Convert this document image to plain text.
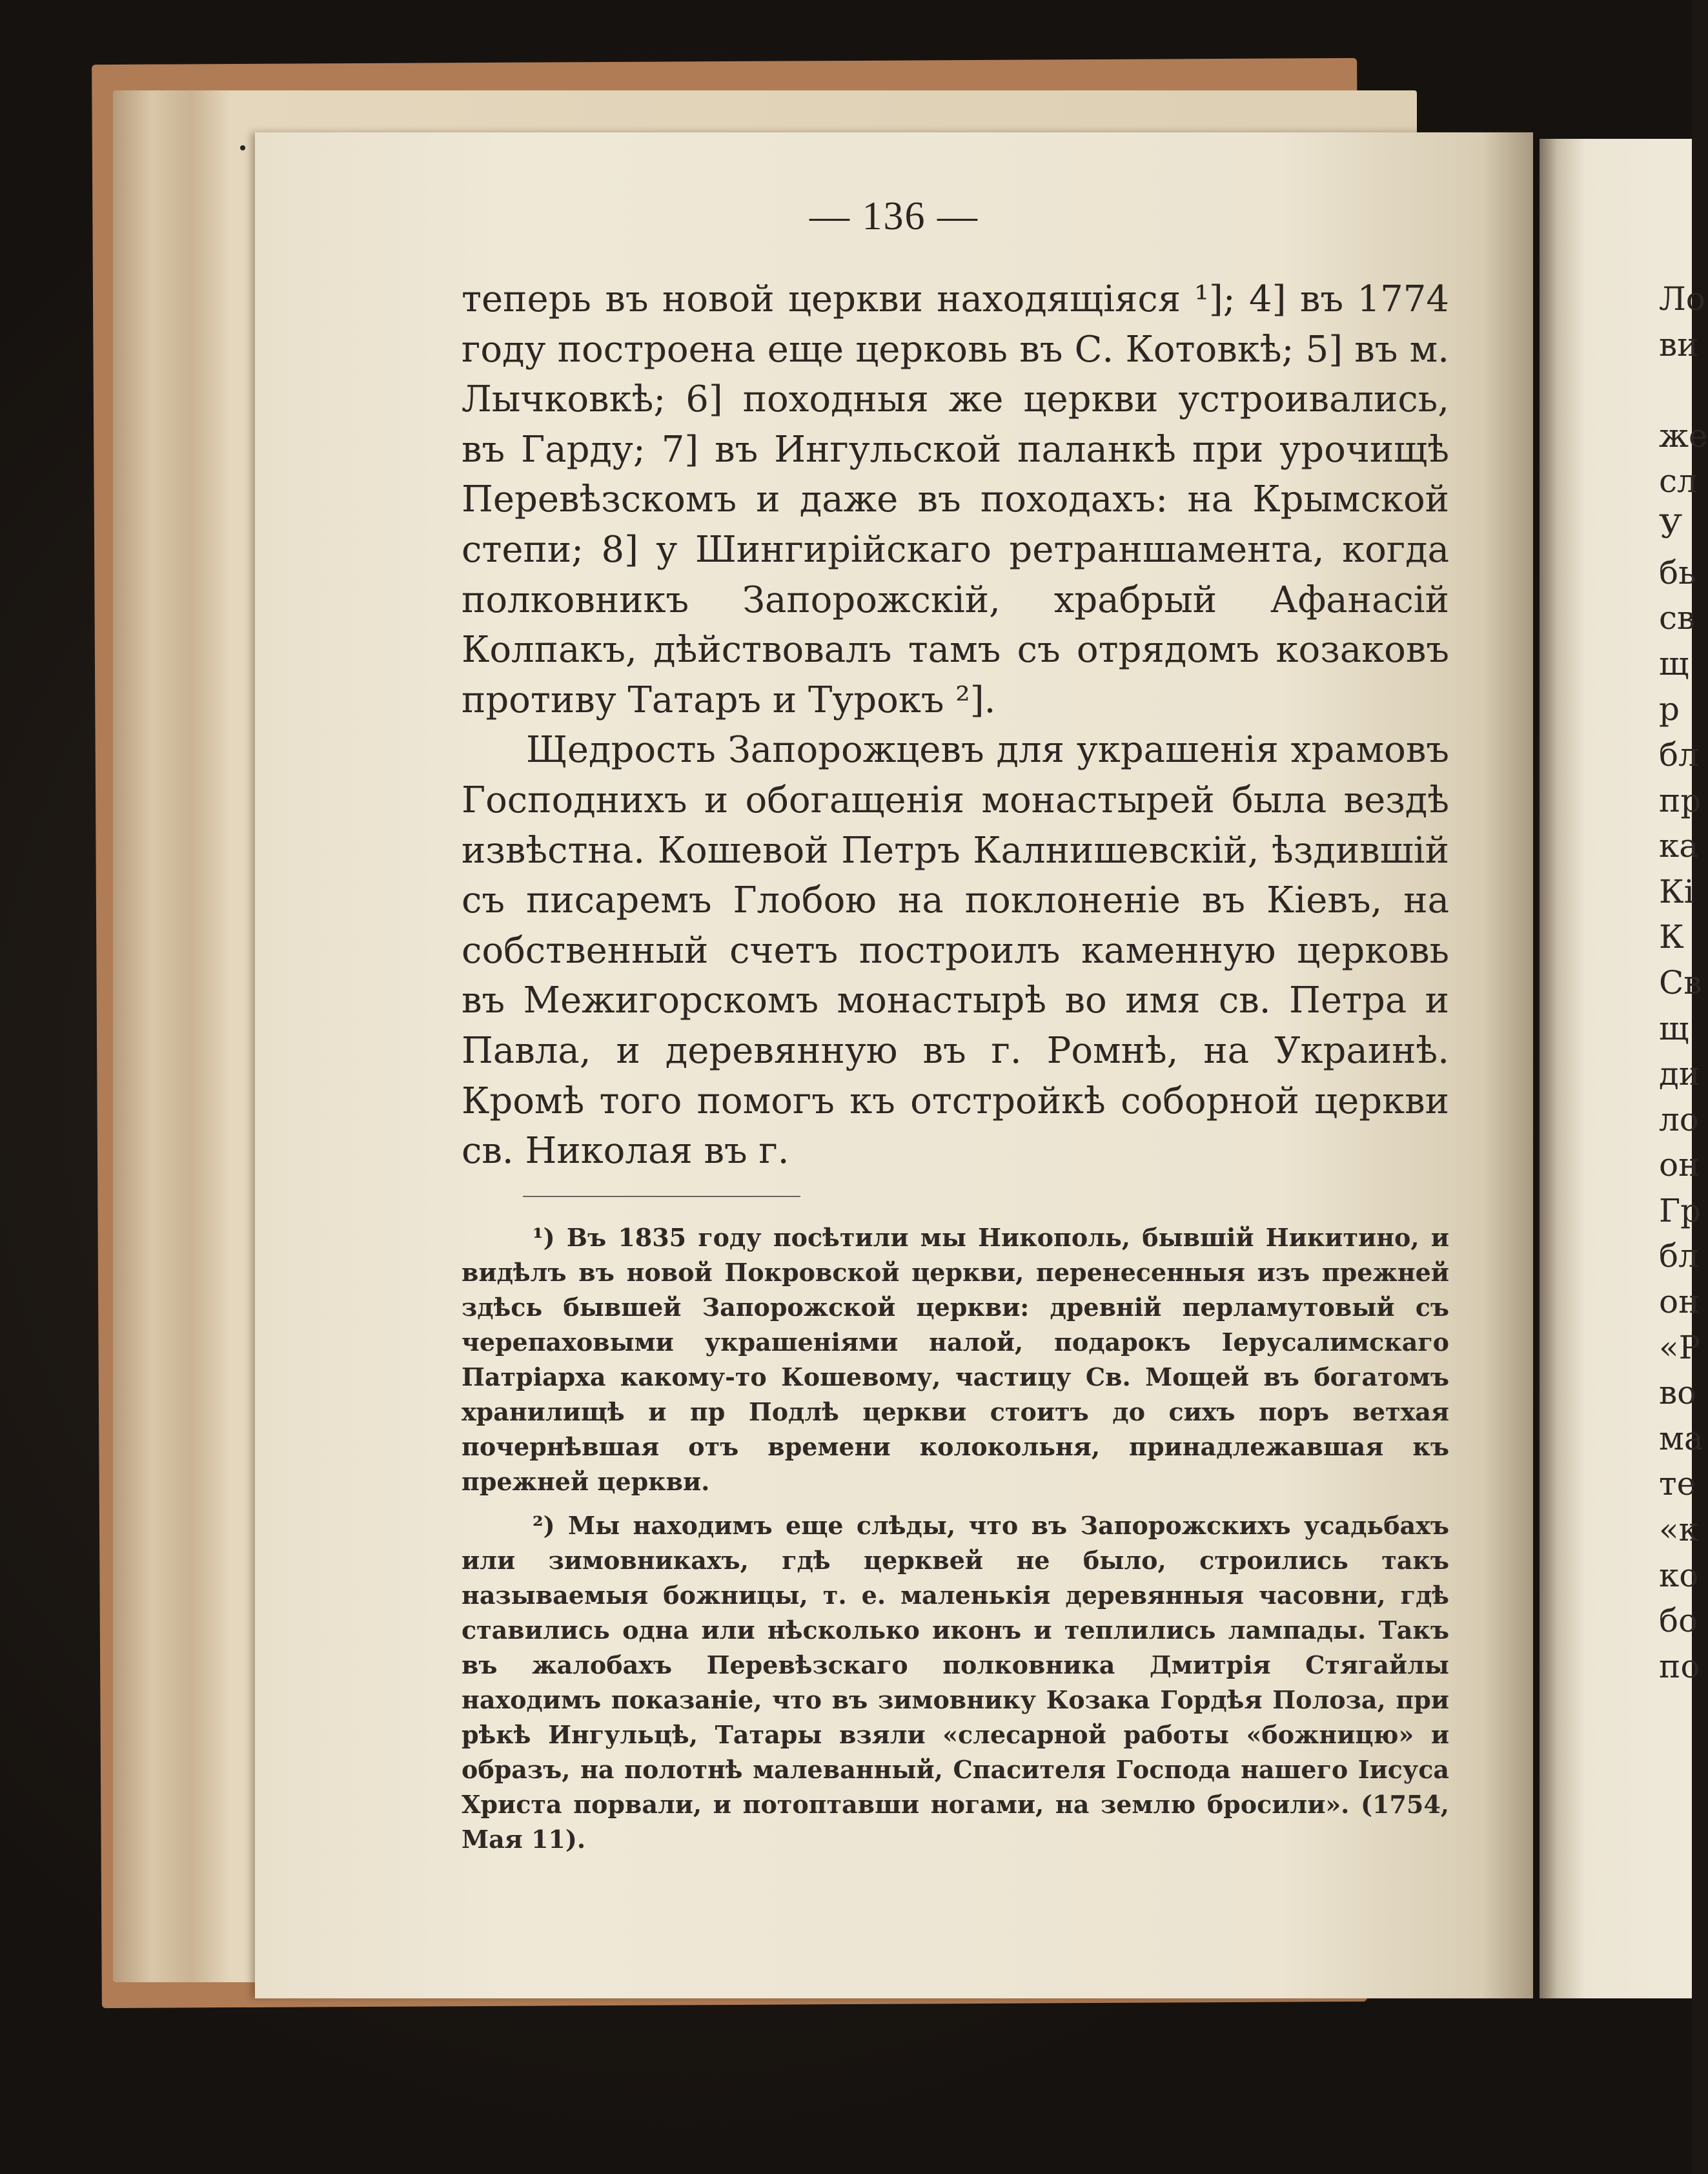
— 136 —

теперь въ новой церкви находящіяся ¹]; 4] въ 1774 году построена еще церковь въ С. Котовкѣ; 5] въ м. Лычковкѣ; 6] походныя же церкви устроивались, въ Гарду; 7] въ Ингульской паланкѣ при урочищѣ Перевѣзскомъ и даже въ походахъ: на Крымской степи; 8] у Шингирійскаго ретраншамента, когда полковникъ Запорожскій, храбрый Афанасій Колпакъ, дѣйствовалъ тамъ съ отрядомъ козаковъ противу Татаръ и Турокъ ²].

Щедрость Запорожцевъ для украшенія храмовъ Господнихъ и обогащенія монастырей была вездѣ извѣстна. Кошевой Петръ Калнишевскій, ѣздившій съ писаремъ Глобою на поклоненіе въ Кіевъ, на собственный счетъ построилъ каменную церковь въ Межигорскомъ монастырѣ во имя св. Петра и Павла, и деревянную въ г. Ромнѣ, на Украинѣ. Кромѣ того помогъ къ отстройкѣ соборной церкви св. Николая въ г.

¹) Въ 1835 году посѣтили мы Никополь, бывшій Никитино, и видѣлъ въ новой Покровской церкви, перенесенныя изъ прежней здѣсь бывшей Запорожской церкви: древній перламутовый съ черепаховыми украшеніями налой, подарокъ Іерусалимскаго Патріарха какому-то Кошевому, частицу Св. Мощей въ богатомъ хранилищѣ и пр Подлѣ церкви стоитъ до сихъ поръ ветхая почернѣвшая отъ времени колокольня, принадлежавшая къ прежней церкви.

²) Мы находимъ еще слѣды, что въ Запорожскихъ усадьбахъ или зимовникахъ, гдѣ церквей не было, строились такъ называемыя божницы, т. е. маленькія деревянныя часовни, гдѣ ставились одна или нѣсколько иконъ и теплились лампады. Такъ въ жалобахъ Перевѣзскаго полковника Дмитрія Стягайлы находимъ показаніе, что въ зимовнику Козака Гордѣя Полоза, при рѣкѣ Ингульцѣ, Татары взяли «слесарной работы «божницю» и образъ, на полотнѣ малеванный, Спасителя Господа нашего Іисуса Христа порвали, и потоптавши ногами, на землю бросили». (1754, Мая 11).

Ло
ви

же
сл
У
бь
св
щ
р
бл
пр
ка
Кі
К
Св
щ
ди
ло
он
Гр
бл
он
«Р
во
ма
те
«к
ко
бо
по
